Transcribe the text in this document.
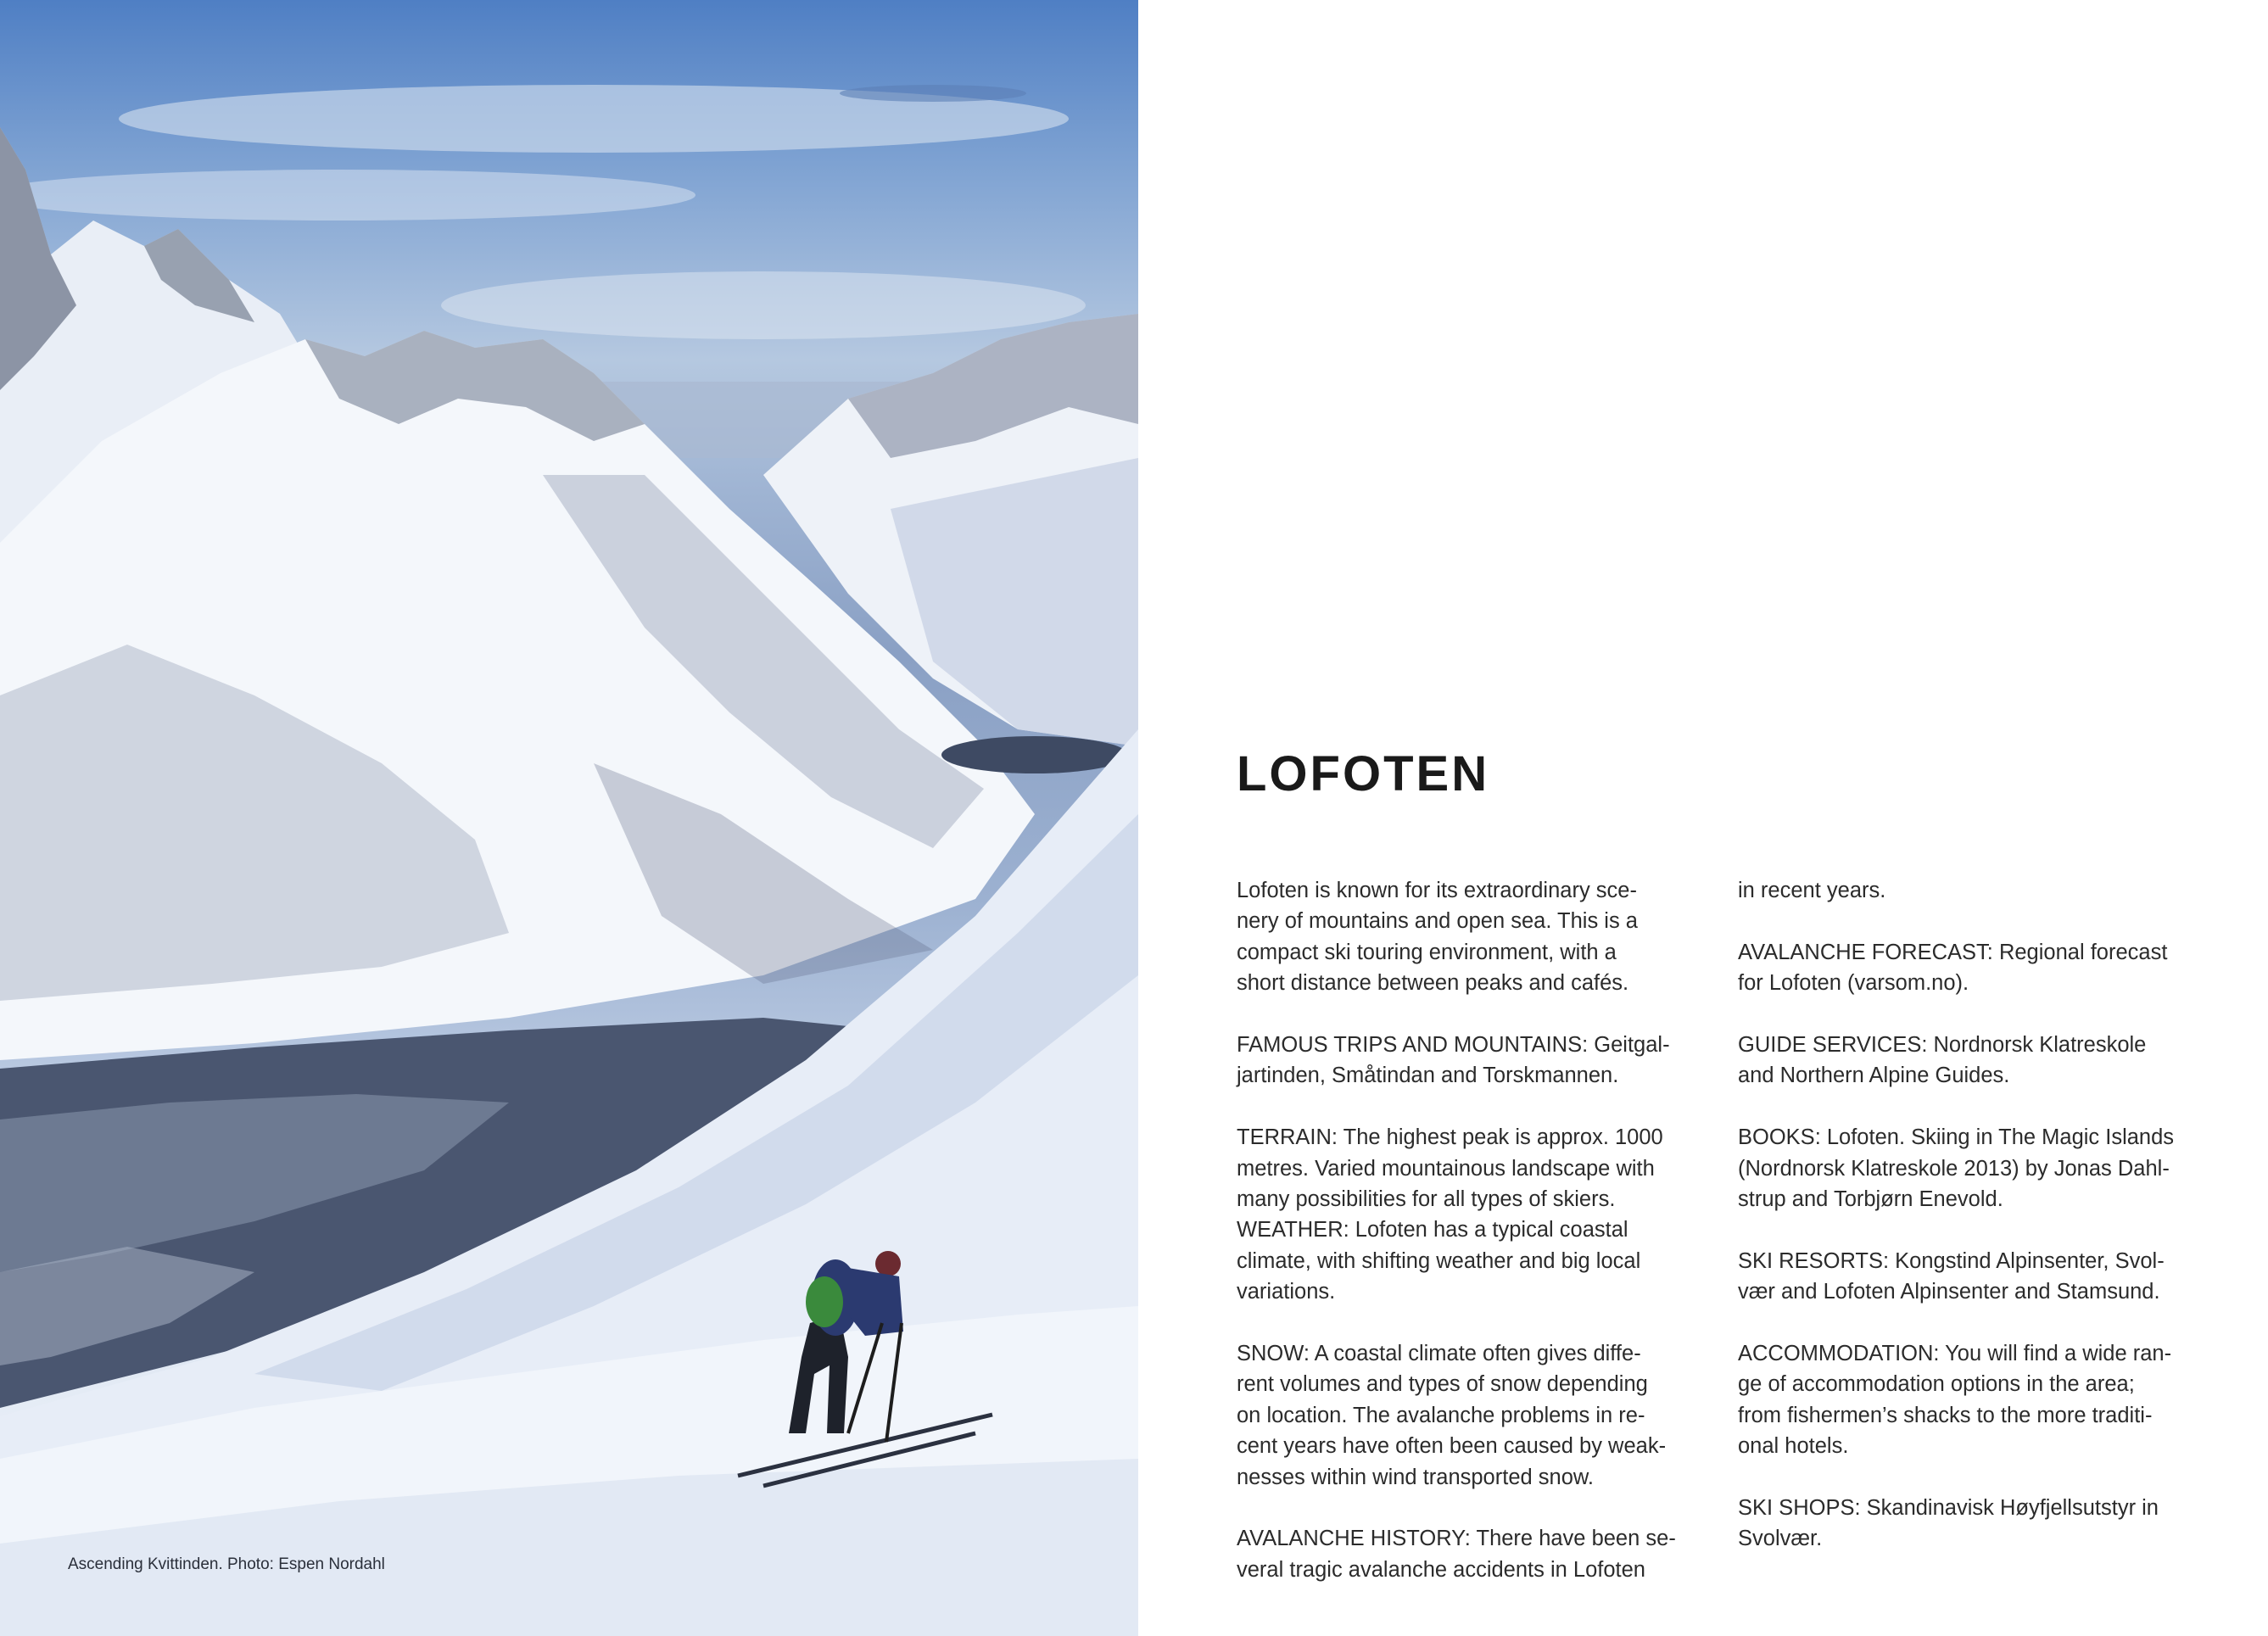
Ascending Kvittinden. Photo: Espen Nordahl
LOFOTEN

Lofoten is known for its extraordinary sce-
nery of mountains and open sea. This is a
compact ski touring environment, with a
short distance between peaks and cafés.

FAMOUS TRIPS AND MOUNTAINS: Geitgal-
jartinden, Småtindan and Torskmannen.

TERRAIN: The highest peak is approx. 1000
metres. Varied mountainous landscape with
many possibilities for all types of skiers.

WEATHER: Lofoten has a typical coastal
climate, with shifting weather and big local
variations.

SNOW: A coastal climate often gives diffe-
rent volumes and types of snow depending
on location. The avalanche problems in re-
cent years have often been caused by weak-
nesses within wind transported snow.

AVALANCHE HISTORY: There have been se-
veral tragic avalanche accidents in Lofoten

in recent years.

AVALANCHE FORECAST: Regional forecast
for Lofoten (varsom.no).

GUIDE SERVICES: Nordnorsk Klatreskole
and Northern Alpine Guides.

BOOKS: Lofoten. Skiing in The Magic Islands
(Nordnorsk Klatreskole 2013) by Jonas Dahl-
strup and Torbjørn Enevold.

SKI RESORTS: Kongstind Alpinsenter, Svol-
vær and Lofoten Alpinsenter and Stamsund.

ACCOMMODATION: You will find a wide ran-
ge of accommodation options in the area;
from fishermen’s shacks to the more traditi-
onal hotels.

SKI SHOPS: Skandinavisk Høyfjellsutstyr in
Svolvær.
